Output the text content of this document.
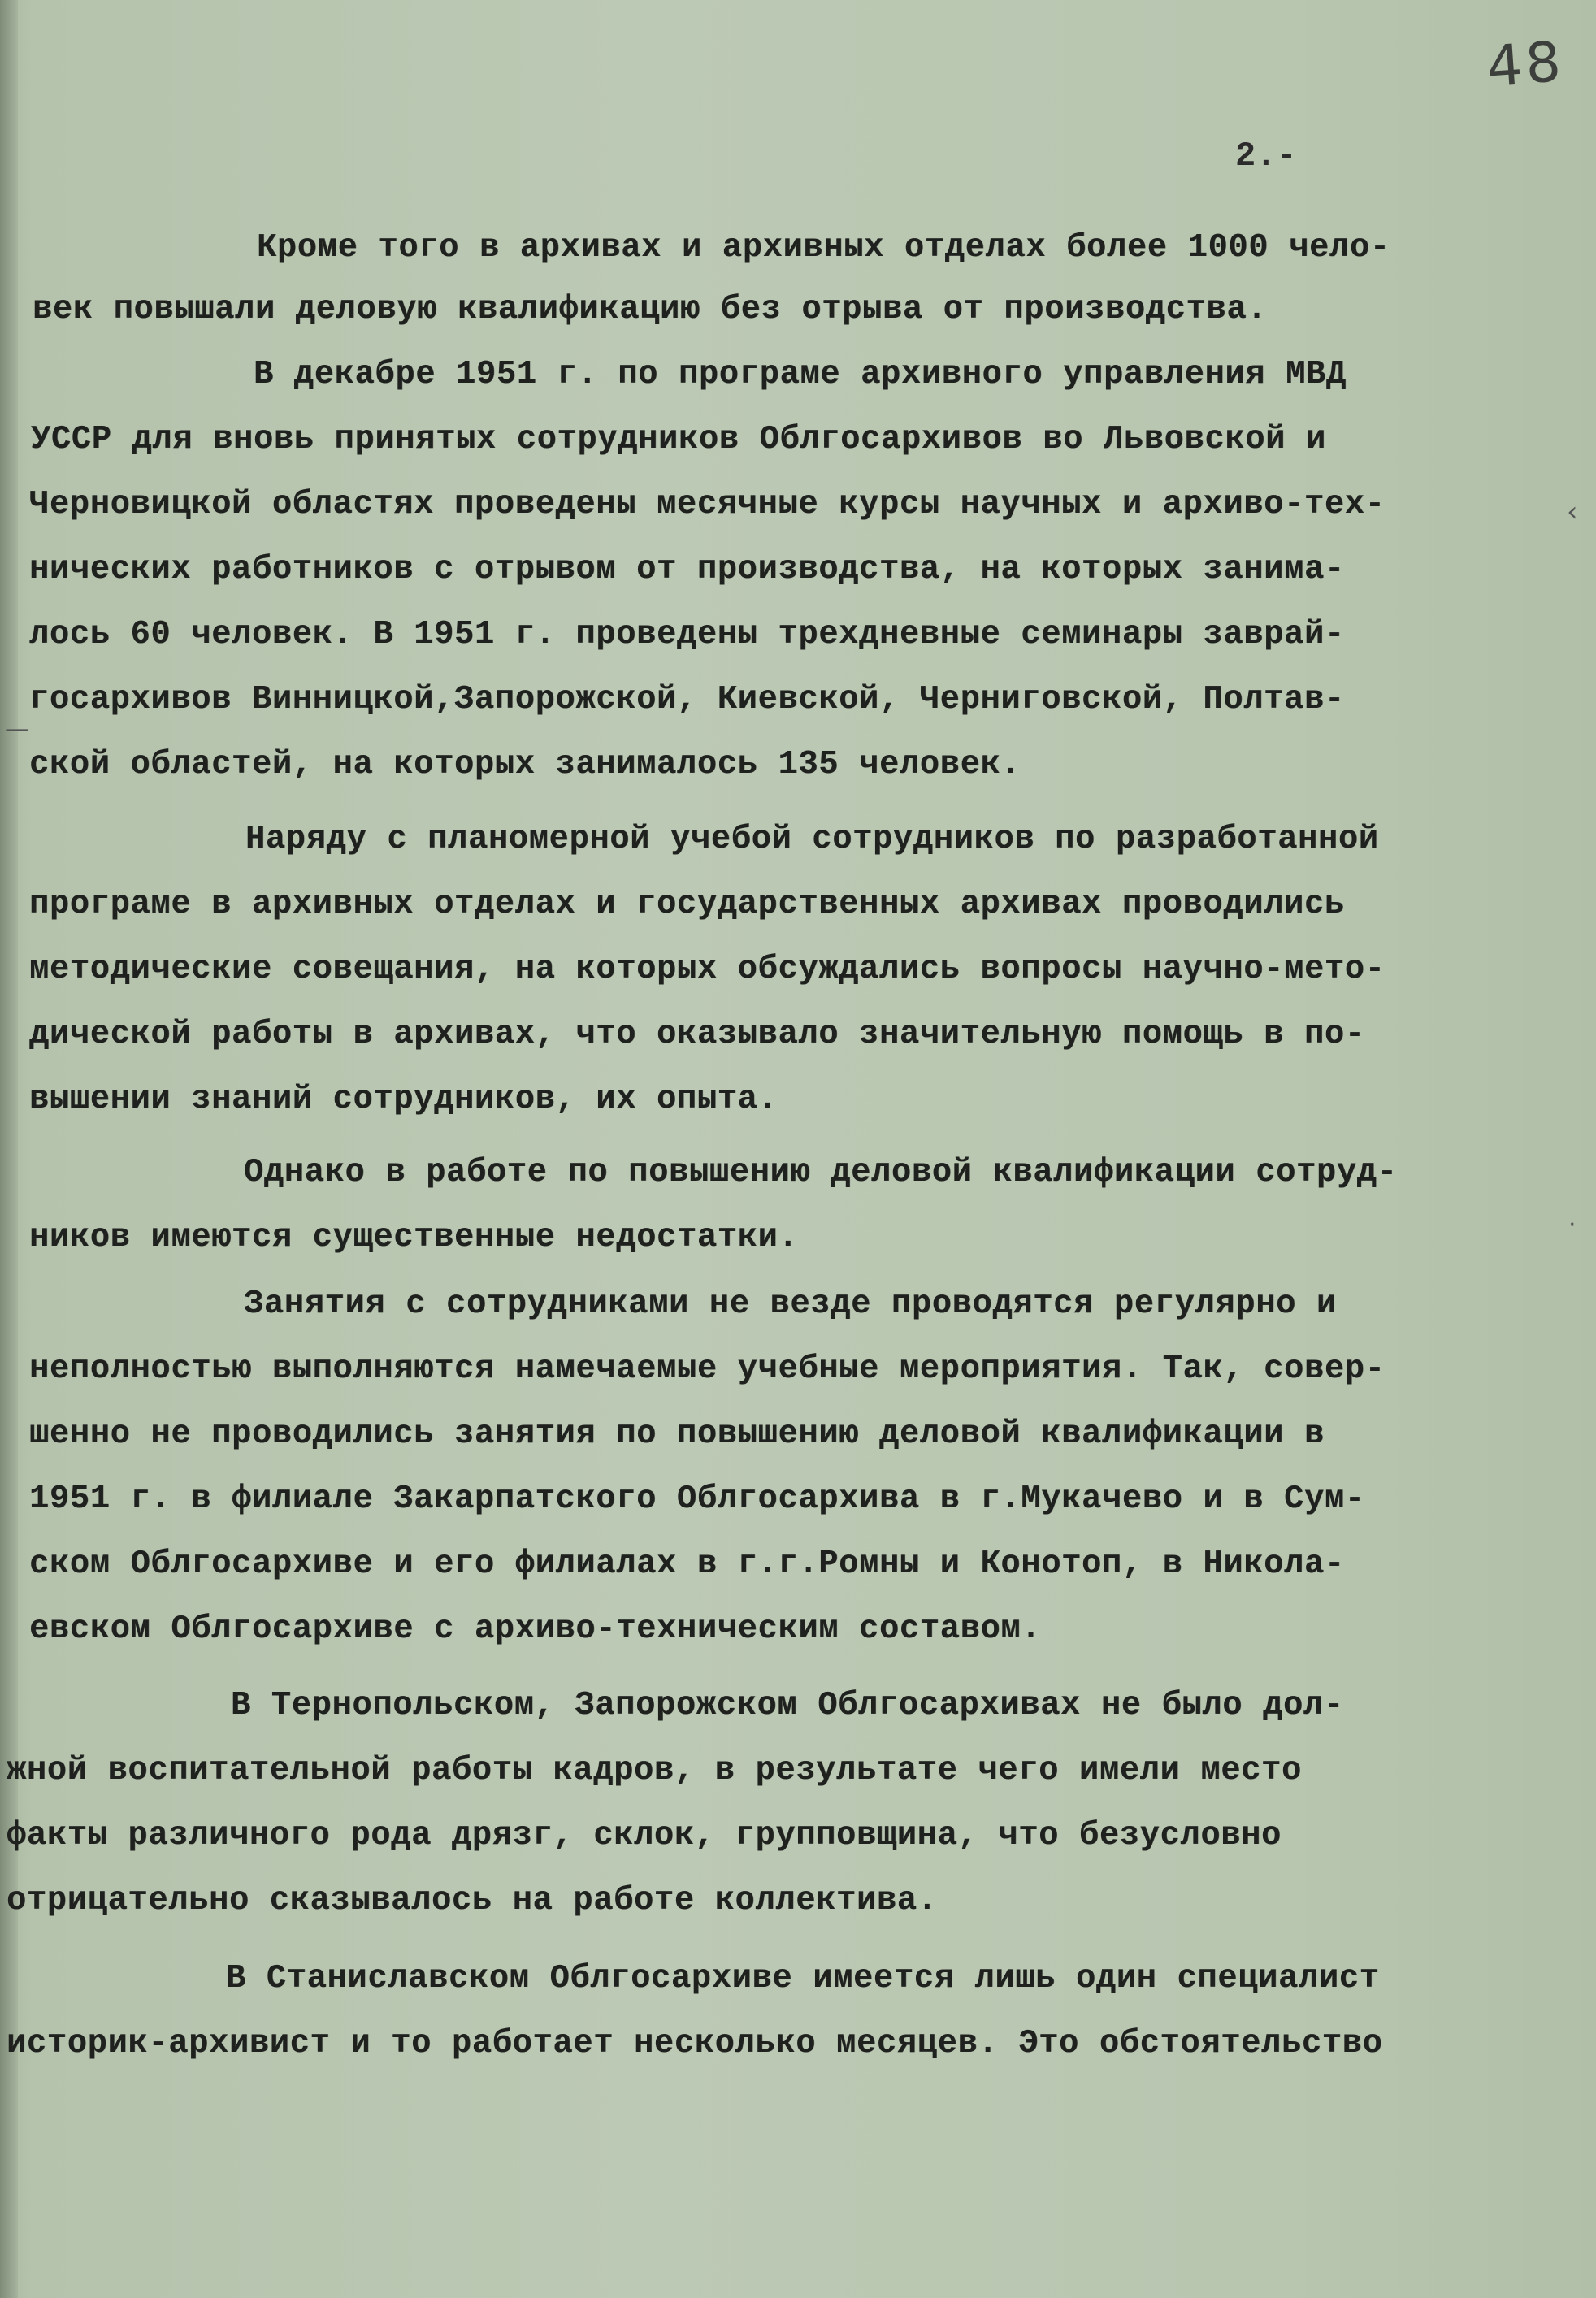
48
2.-
‹
—
·
Кроме того в архивах и архивных отделах более 1000 чело-
век повышали деловую квалификацию без отрыва от производства.
В декабре 1951 г. по програме архивного управления МВД
УССР для вновь принятых сотрудников Облгосархивов во Львовской и
Черновицкой областях проведены месячные курсы научных и архиво-тех-
нических работников с отрывом от производства, на которых занима-
лось 60 человек. В 1951 г. проведены трехдневные семинары заврай-
госархивов Винницкой,Запорожской, Киевской, Черниговской, Полтав-
ской областей, на которых занималось 135 человек.
Наряду с планомерной учебой сотрудников по разработанной
програме в архивных отделах и государственных архивах проводились
методические совещания, на которых обсуждались вопросы научно-мето-
дической работы в архивах, что оказывало значительную помощь в по-
вышении знаний сотрудников, их опыта.
Однако в работе по повышению деловой квалификации сотруд-
ников имеются существенные недостатки.
Занятия с сотрудниками не везде проводятся регулярно и
неполностью выполняются намечаемые учебные мероприятия. Так, совер-
шенно не проводились занятия по повышению деловой квалификации в
1951 г. в филиале Закарпатского Облгосархива в г.Мукачево и в Сум-
ском Облгосархиве и его филиалах в г.г.Ромны и Конотоп, в Никола-
евском Облгосархиве с архиво-техническим составом.
В Тернопольском, Запорожском Облгосархивах не было дол-
жной воспитательной работы кадров, в результате чего имели место
факты различного рода дрязг, склок, групповщина, что безусловно
отрицательно сказывалось на работе коллектива.
В Станиславском Облгосархиве имеется лишь один специалист
историк-архивист и то работает несколько месяцев. Это обстоятельство
